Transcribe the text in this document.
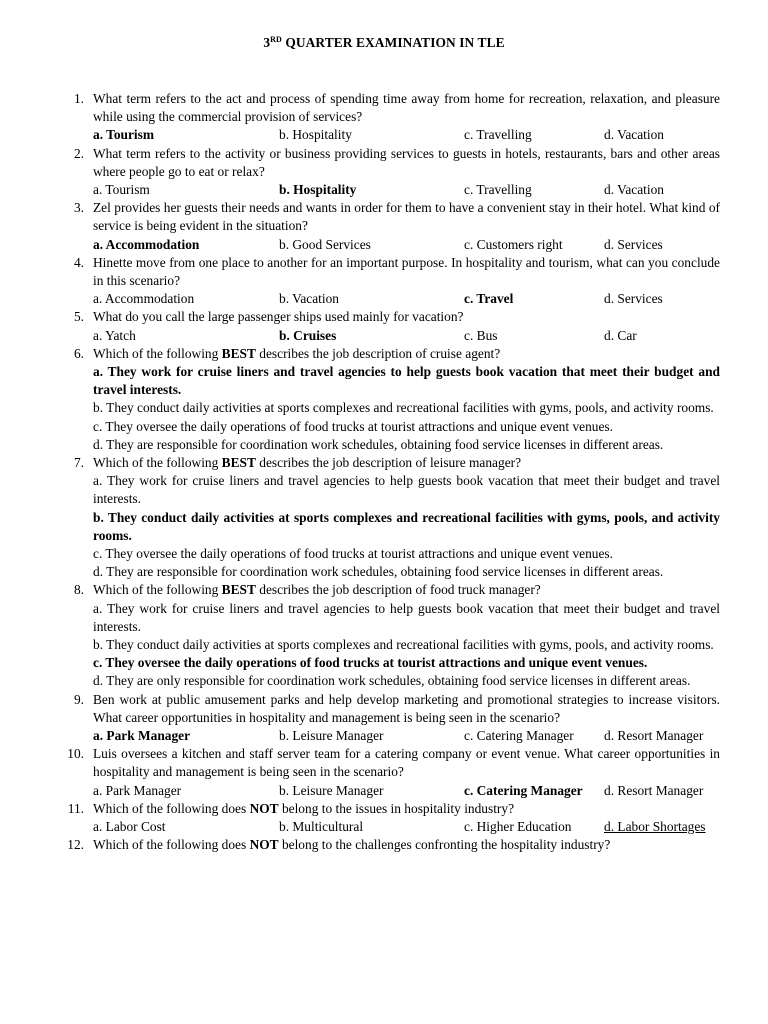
3RD QUARTER EXAMINATION IN TLE
1. What term refers to the act and process of spending time away from home for recreation, relaxation, and pleasure while using the commercial provision of services?
a. Tourism	b. Hospitality	c. Travelling	d. Vacation
2. What term refers to the activity or business providing services to guests in hotels, restaurants, bars and other areas where people go to eat or relax?
a. Tourism	b. Hospitality	c. Travelling	d. Vacation
3. Zel provides her guests their needs and wants in order for them to have a convenient stay in their hotel. What kind of service is being evident in the situation?
a. Accommodation	b. Good Services	c. Customers right	d. Services
4. Hinette move from one place to another for an important purpose. In hospitality and tourism, what can you conclude in this scenario?
a. Accommodation	b. Vacation	c. Travel	d. Services
5. What do you call the large passenger ships used mainly for vacation?
a. Yatch	b. Cruises	c. Bus	d. Car
6. Which of the following BEST describes the job description of cruise agent?
a. They work for cruise liners and travel agencies to help guests book vacation that meet their budget and travel interests.
b. They conduct daily activities at sports complexes and recreational facilities with gyms, pools, and activity rooms.
c. They oversee the daily operations of food trucks at tourist attractions and unique event venues.
d. They are responsible for coordination work schedules, obtaining food service licenses in different areas.
7. Which of the following BEST describes the job description of leisure manager?
a. They work for cruise liners and travel agencies to help guests book vacation that meet their budget and travel interests.
b. They conduct daily activities at sports complexes and recreational facilities with gyms, pools, and activity rooms.
c. They oversee the daily operations of food trucks at tourist attractions and unique event venues.
d. They are responsible for coordination work schedules, obtaining food service licenses in different areas.
8. Which of the following BEST describes the job description of food truck manager?
a. They work for cruise liners and travel agencies to help guests book vacation that meet their budget and travel interests.
b. They conduct daily activities at sports complexes and recreational facilities with gyms, pools, and activity rooms.
c. They oversee the daily operations of food trucks at tourist attractions and unique event venues.
d. They are only responsible for coordination work schedules, obtaining food service licenses in different areas.
9. Ben work at public amusement parks and help develop marketing and promotional strategies to increase visitors. What career opportunities in hospitality and management is being seen in the scenario?
a. Park Manager	b. Leisure Manager	c. Catering Manager d. Resort Manager
10. Luis oversees a kitchen and staff server team for a catering company or event venue. What career opportunities in hospitality and management is being seen in the scenario?
a. Park Manager	b. Leisure Manager	c. Catering Manager d. Resort Manager
11. Which of the following does NOT belong to the issues in hospitality industry?
a. Labor Cost	b. Multicultural	c. Higher Education d. Labor Shortages
12. Which of the following does NOT belong to the challenges confronting the hospitality industry?
